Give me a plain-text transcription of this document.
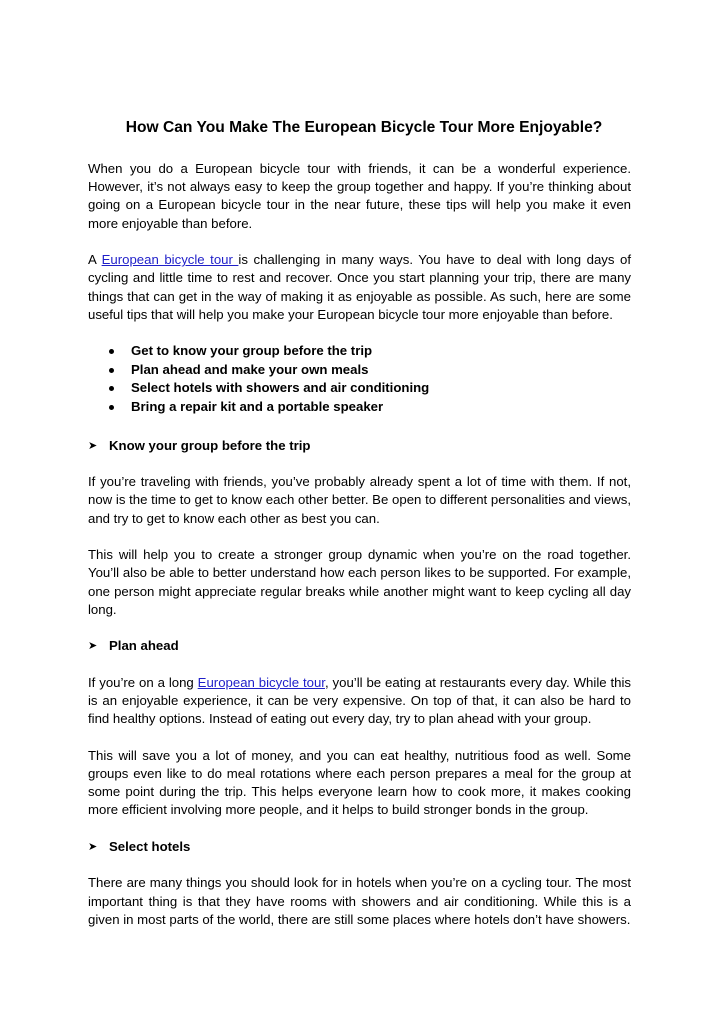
How Can You Make The European Bicycle Tour More Enjoyable?

When you do a European bicycle tour with friends, it can be a wonderful experience. However, it’s not always easy to keep the group together and happy. If you’re thinking about going on a European bicycle tour in the near future, these tips will help you make it even more enjoyable than before.

A European bicycle tour is challenging in many ways. You have to deal with long days of cycling and little time to rest and recover. Once you start planning your trip, there are many things that can get in the way of making it as enjoyable as possible. As such, here are some useful tips that will help you make your European bicycle tour more enjoyable than before.

Get to know your group before the trip
Plan ahead and make your own meals
Select hotels with showers and air conditioning
Bring a repair kit and a portable speaker
➤ Know your group before the trip

If you’re traveling with friends, you’ve probably already spent a lot of time with them. If not, now is the time to get to know each other better. Be open to different personalities and views, and try to get to know each other as best you can.

This will help you to create a stronger group dynamic when you’re on the road together. You’ll also be able to better understand how each person likes to be supported. For example, one person might appreciate regular breaks while another might want to keep cycling all day long.

➤ Plan ahead

If you’re on a long European bicycle tour, you’ll be eating at restaurants every day. While this is an enjoyable experience, it can be very expensive. On top of that, it can also be hard to find healthy options. Instead of eating out every day, try to plan ahead with your group.

This will save you a lot of money, and you can eat healthy, nutritious food as well. Some groups even like to do meal rotations where each person prepares a meal for the group at some point during the trip. This helps everyone learn how to cook more, it makes cooking more efficient involving more people, and it helps to build stronger bonds in the group.

➤ Select hotels

There are many things you should look for in hotels when you’re on a cycling tour. The most important thing is that they have rooms with showers and air conditioning. While this is a given in most parts of the world, there are still some places where hotels don’t have showers.
